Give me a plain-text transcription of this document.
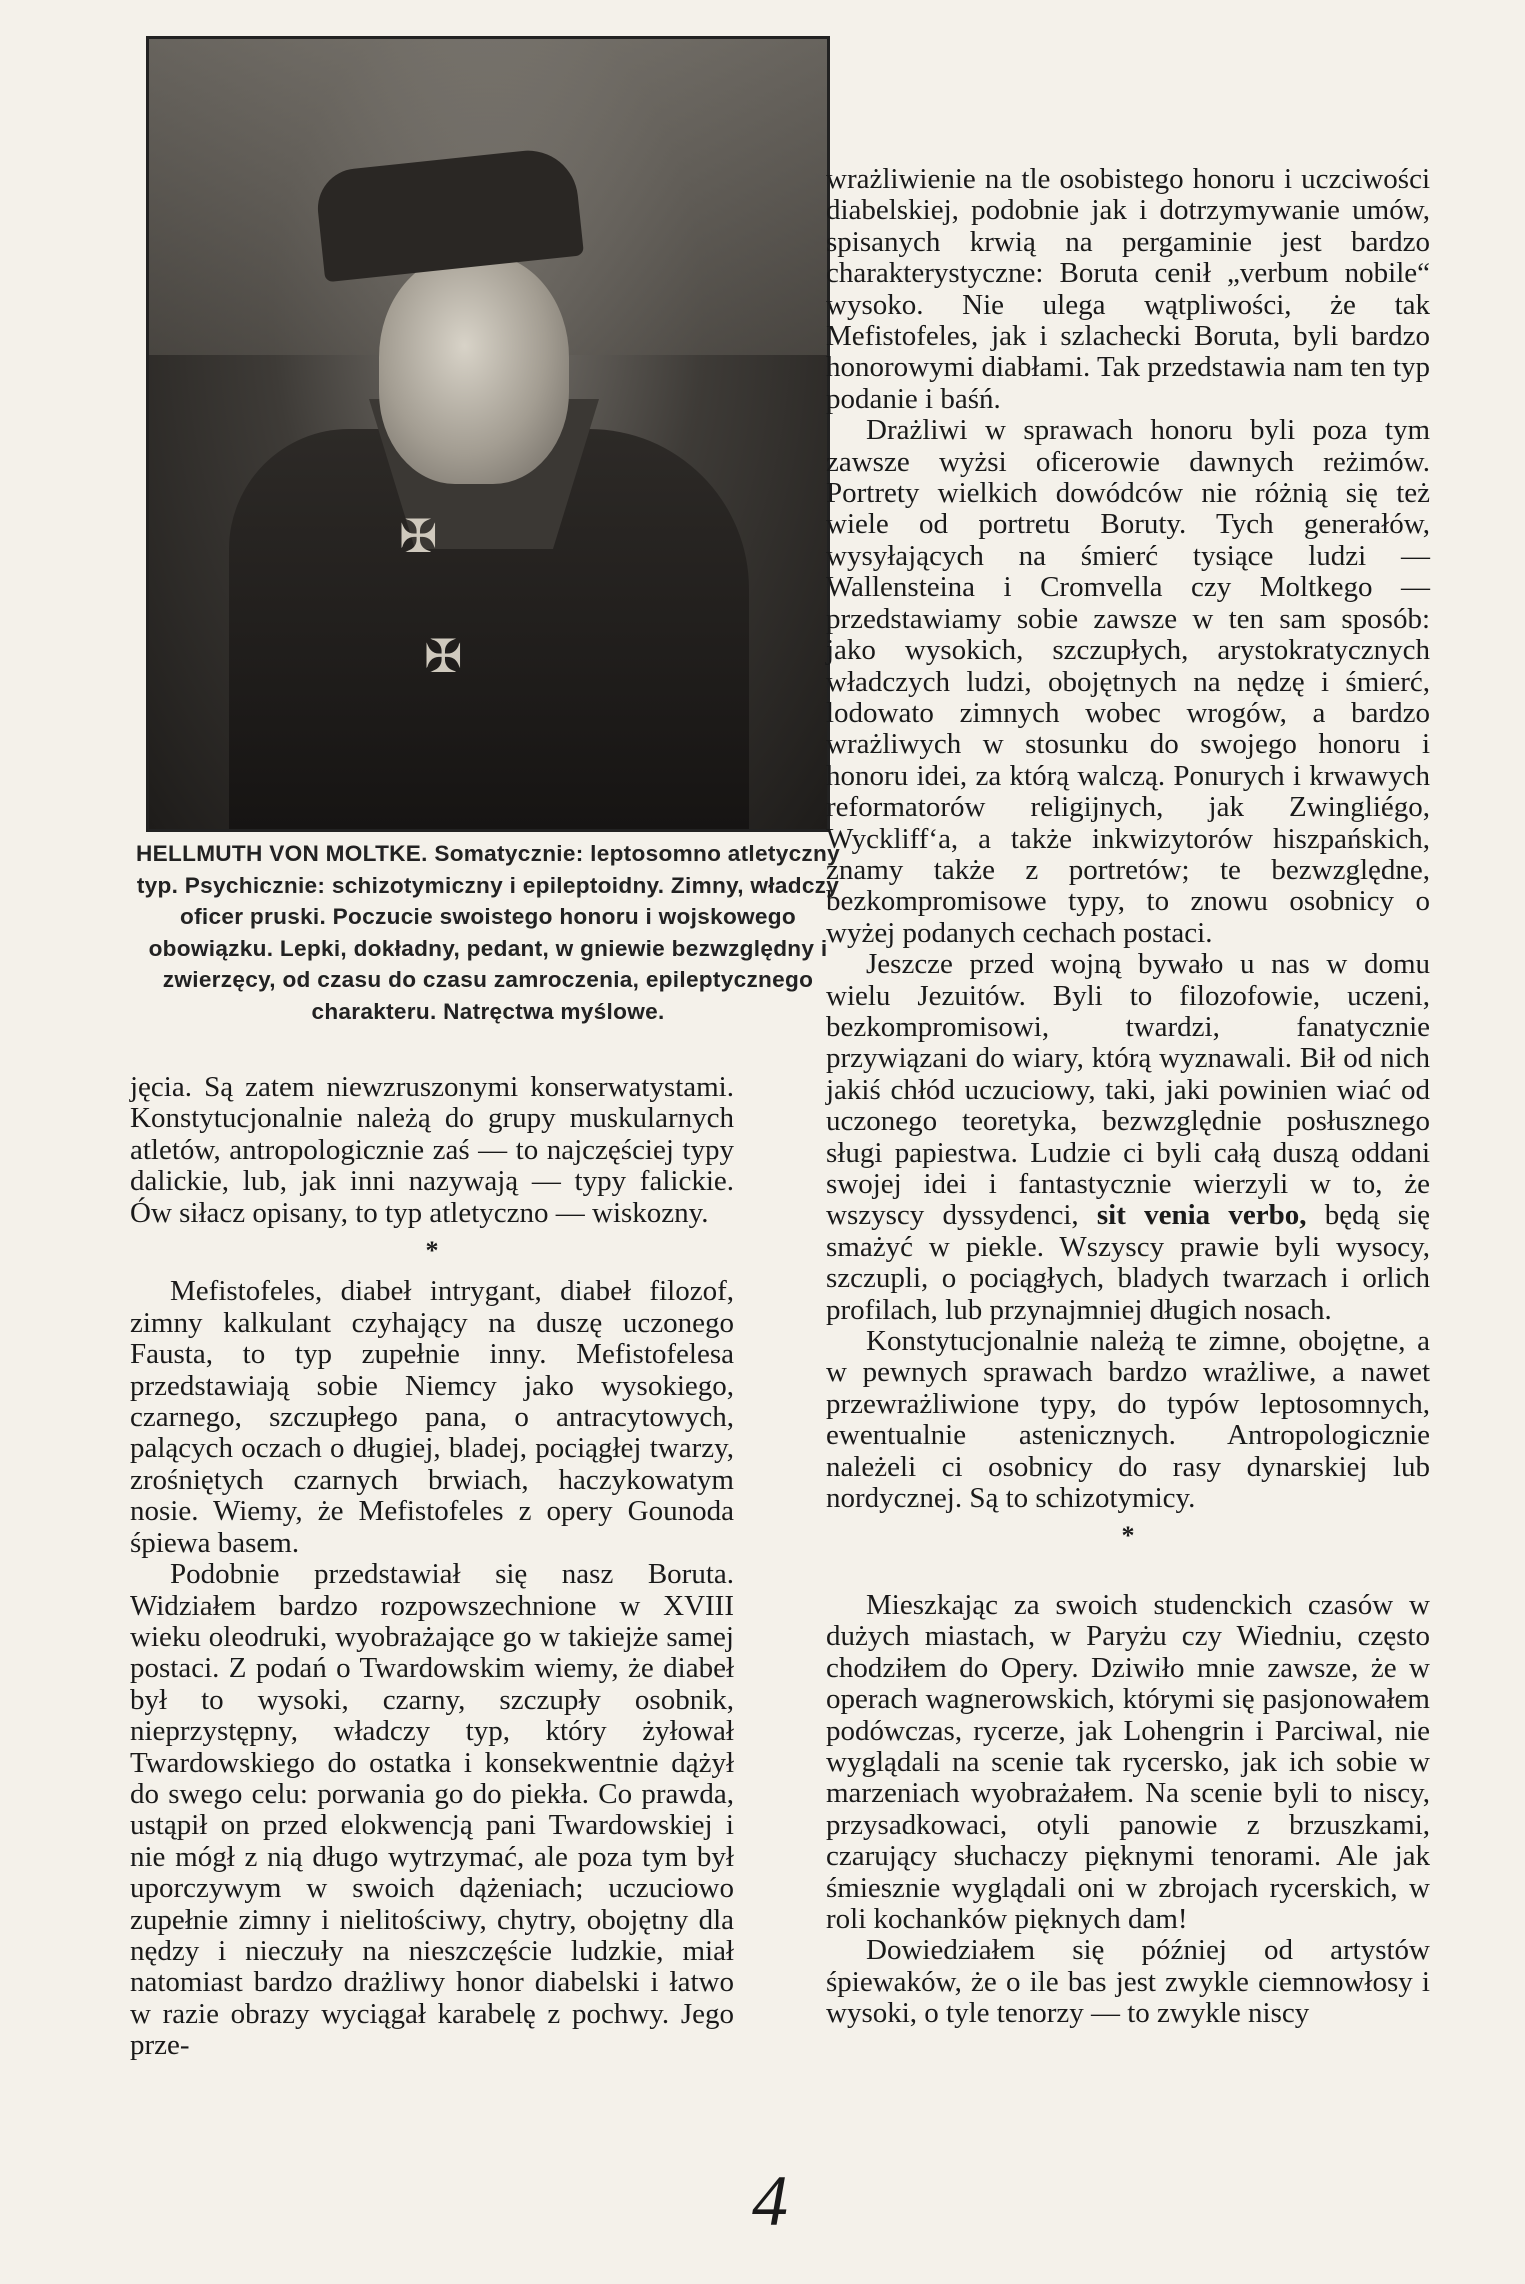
✠
✠
HELLMUTH VON MOLTKE. Somatycznie: leptosomno atletyczny typ. Psychicznie: schizotymiczny i epileptoidny. Zimny, władczy oficer pruski. Poczucie swoistego honoru i wojskowego obowiązku. Lepki, dokładny, pedant, w gniewie bezwzględny i zwierzęcy, od czasu do czasu zamroczenia, epileptycznego charakteru. Natręctwa myślowe.

jęcia. Są zatem niewzruszonymi konserwatystami. Konstytucjonalnie należą do grupy muskularnych atletów, antropologicznie zaś — to najczęściej typy dalickie, lub, jak inni nazywają — typy falickie. Ów siłacz opisany, to typ atletyczno — wiskozny.

*

Mefistofeles, diabeł intrygant, diabeł filozof, zimny kalkulant czyhający na duszę uczonego Fausta, to typ zupełnie inny. Mefistofelesa przedstawiają sobie Niemcy jako wysokiego, czarnego, szczupłego pana, o antracytowych, palących oczach o długiej, bladej, pociągłej twarzy, zrośniętych czarnych brwiach, haczykowatym nosie. Wiemy, że Mefistofeles z opery Gounoda śpiewa basem.

Podobnie przedstawiał się nasz Boruta. Widziałem bardzo rozpowszechnione w XVIII wieku oleodruki, wyobrażające go w takiejże samej postaci. Z podań o Twardowskim wiemy, że diabeł był to wysoki, czarny, szczupły osobnik, nieprzystępny, władczy typ, który żyłował Twardowskiego do ostatka i konsekwentnie dążył do swego celu: porwania go do piekła. Co prawda, ustąpił on przed elokwencją pani Twardowskiej i nie mógł z nią długo wytrzymać, ale poza tym był uporczywym w swoich dążeniach; uczuciowo zupełnie zimny i nielitościwy, chytry, obojętny dla nędzy i nieczuły na nieszczęście ludzkie, miał natomiast bardzo drażliwy honor diabelski i łatwo w razie obrazy wyciągał karabelę z pochwy. Jego prze-

wrażliwienie na tle osobistego honoru i uczciwości diabelskiej, podobnie jak i dotrzymywanie umów, spisanych krwią na pergaminie jest bardzo charakterystyczne: Boruta cenił „verbum nobile“ wysoko. Nie ulega wątpliwości, że tak Mefistofeles, jak i szlachecki Boruta, byli bardzo honorowymi diabłami. Tak przedstawia nam ten typ podanie i baśń.

Drażliwi w sprawach honoru byli poza tym zawsze wyżsi oficerowie dawnych reżimów. Portrety wielkich dowódców nie różnią się też wiele od portretu Boruty. Tych generałów, wysyłających na śmierć tysiące ludzi — Wallensteina i Cromvella czy Moltkego — przedstawiamy sobie zawsze w ten sam sposób: jako wysokich, szczupłych, arystokratycznych władczych ludzi, obojętnych na nędzę i śmierć, lodowato zimnych wobec wrogów, a bardzo wrażliwych w stosunku do swojego honoru i honoru idei, za którą walczą. Ponurych i krwawych reformatorów religijnych, jak Zwingliégo, Wyckliff‘a, a także inkwizytorów hiszpańskich, znamy także z portretów; te bezwzględne, bezkompromisowe typy, to znowu osobnicy o wyżej podanych cechach postaci.

Jeszcze przed wojną bywało u nas w domu wielu Jezuitów. Byli to filozofowie, uczeni, bezkompromisowi, twardzi, fanatycznie przywiązani do wiary, którą wyznawali. Bił od nich jakiś chłód uczuciowy, taki, jaki powinien wiać od uczonego teoretyka, bezwzględnie posłusznego sługi papiestwa. Ludzie ci byli całą duszą oddani swojej idei i fantastycznie wierzyli w to, że wszyscy dyssydenci, sit venia verbo, będą się smażyć w piekle. Wszyscy prawie byli wysocy, szczupli, o pociągłych, bladych twarzach i orlich profilach, lub przynajmniej długich nosach.

Konstytucjonalnie należą te zimne, obojętne, a w pewnych sprawach bardzo wrażliwe, a nawet przewrażliwione typy, do typów leptosomnych, ewentualnie astenicznych. Antropologicznie należeli ci osobnicy do rasy dynarskiej lub nordycznej. Są to schizotymicy.

*

Mieszkając za swoich studenckich czasów w dużych miastach, w Paryżu czy Wiedniu, często chodziłem do Opery. Dziwiło mnie zawsze, że w operach wagnerowskich, którymi się pasjonowałem podówczas, rycerze, jak Lohengrin i Parciwal, nie wyglądali na scenie tak rycersko, jak ich sobie w marzeniach wyobrażałem. Na scenie byli to niscy, przysadkowaci, otyli panowie z brzuszkami, czarujący słuchaczy pięknymi tenorami. Ale jak śmiesznie wyglądali oni w zbrojach rycerskich, w roli kochanków pięknych dam!

Dowiedziałem się później od artystów śpiewaków, że o ile bas jest zwykle ciemnowłosy i wysoki, o tyle tenorzy — to zwykle niscy

4
